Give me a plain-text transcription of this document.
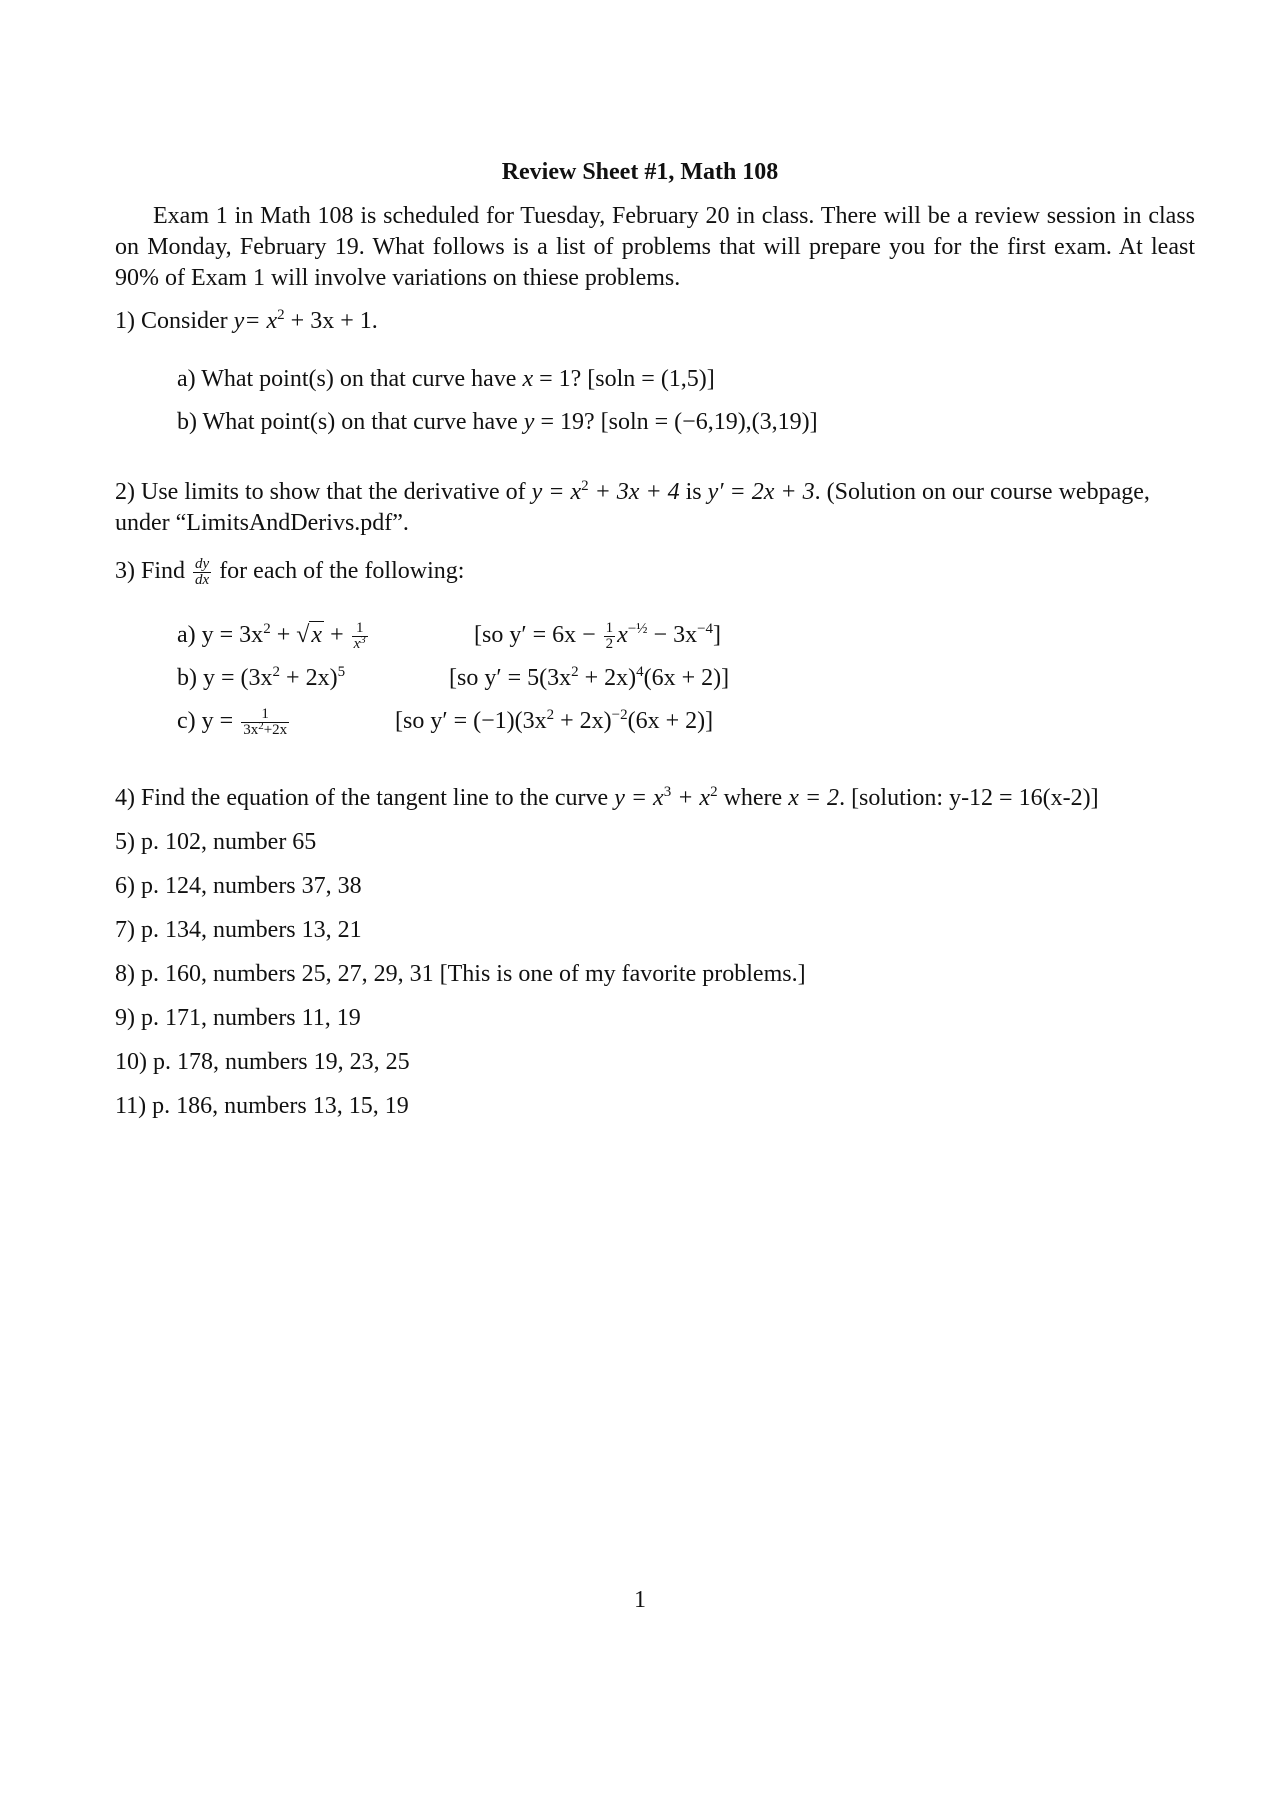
Review Sheet #1, Math 108
Exam 1 in Math 108 is scheduled for Tuesday, February 20 in class. There will be a review session in class on Monday, February 19. What follows is a list of problems that will prepare you for the first exam. At least 90% of Exam 1 will involve variations on thiese problems.
1) Consider $y= x^2 + 3x + 1$.
a) What point(s) on that curve have x = 1? [soln = (1,5)]
b) What point(s) on that curve have y = 19? [soln = (−6,19),(3,19)]
2) Use limits to show that the derivative of $y = x^2 + 3x + 4$ is y′ = 2x + 3. (Solution on our course webpage,
under “LimitsAndDerivs.pdf”.
3) Find $\frac{dy}{dx}$ for each of the following:
a) $y = 3x^2 + √x + \frac{1}{x^3}$	[so $y' = 6x - \frac{1}{2} x^{-\frac{1}{2}} - 3x^{-4}$]
b) $y = (3x^2 + 2x)^5$	[so $y' = 5(3x^2 + 2x)^4(6x + 2)$]
c) $y = \frac{1}{3x^2+2x}$	[so $y' = (-1)(3x^2 + 2x)^{-2}(6x + 2)$]
4) Find the equation of the tangent line to the curve $y = x^3 + x^2$ where x = 2. [solution: y-12 = 16(x-2)]
5) p. 102, number 65
6) p. 124, numbers 37, 38
7) p. 134, numbers 13, 21
8) p. 160, numbers 25, 27, 29, 31 [This is one of my favorite problems.]
9) p. 171, numbers 11, 19
10) p. 178, numbers 19, 23, 25
11) p. 186, numbers 13, 15, 19
1
